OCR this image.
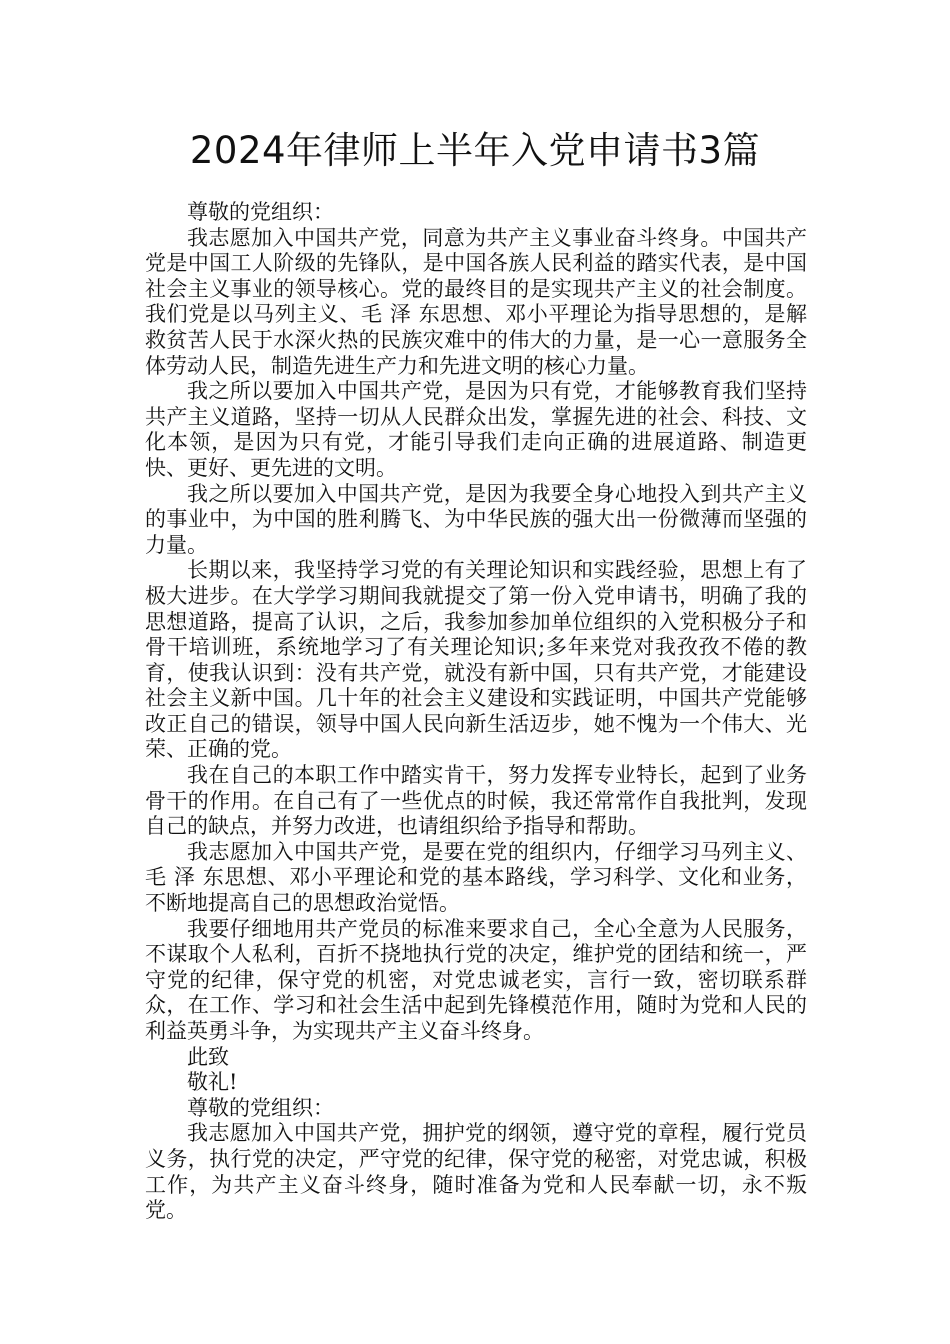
2024年律师上半年入党申请书3篇

尊敬的党组织：

我志愿加入中国共产党，同意为共产主义事业奋斗终身。中国共产党是中国工人阶级的先锋队，是中国各族人民利益的踏实代表，是中国社会主义事业的领导核心。党的最终目的是实现共产主义的社会制度。我们党是以马列主义、毛 泽 东思想、邓小平理论为指导思想的，是解救贫苦人民于水深火热的民族灾难中的伟大的力量，是一心一意服务全体劳动人民，制造先进生产力和先进文明的核心力量。

我之所以要加入中国共产党，是因为只有党，才能够教育我们坚持共产主义道路，坚持一切从人民群众出发，掌握先进的社会、科技、文化本领，是因为只有党，才能引导我们走向正确的进展道路、制造更快、更好、更先进的文明。

我之所以要加入中国共产党，是因为我要全身心地投入到共产主义的事业中，为中国的胜利腾飞、为中华民族的强大出一份微薄而坚强的力量。

长期以来，我坚持学习党的有关理论知识和实践经验，思想上有了极大进步。在大学学习期间我就提交了第一份入党申请书，明确了我的思想道路，提高了认识，之后，我参加参加单位组织的入党积极分子和骨干培训班，系统地学习了有关理论知识;多年来党对我孜孜不倦的教育，使我认识到：没有共产党，就没有新中国，只有共产党，才能建设社会主义新中国。几十年的社会主义建设和实践证明，中国共产党能够改正自己的错误，领导中国人民向新生活迈步，她不愧为一个伟大、光荣、正确的党。

我在自己的本职工作中踏实肯干，努力发挥专业特长，起到了业务骨干的作用。在自己有了一些优点的时候，我还常常作自我批判，发现自己的缺点，并努力改进，也请组织给予指导和帮助。

我志愿加入中国共产党，是要在党的组织内，仔细学习马列主义、毛 泽 东思想、邓小平理论和党的基本路线，学习科学、文化和业务，不断地提高自己的思想政治觉悟。

我要仔细地用共产党员的标准来要求自己，全心全意为人民服务，不谋取个人私利，百折不挠地执行党的决定，维护党的团结和统一，严守党的纪律，保守党的机密，对党忠诚老实，言行一致，密切联系群众，在工作、学习和社会生活中起到先锋模范作用，随时为党和人民的利益英勇斗争，为实现共产主义奋斗终身。

此致

敬礼!

尊敬的党组织：

我志愿加入中国共产党，拥护党的纲领，遵守党的章程，履行党员义务，执行党的决定，严守党的纪律，保守党的秘密，对党忠诚，积极工作，为共产主义奋斗终身，随时准备为党和人民奉献一切，永不叛党。
